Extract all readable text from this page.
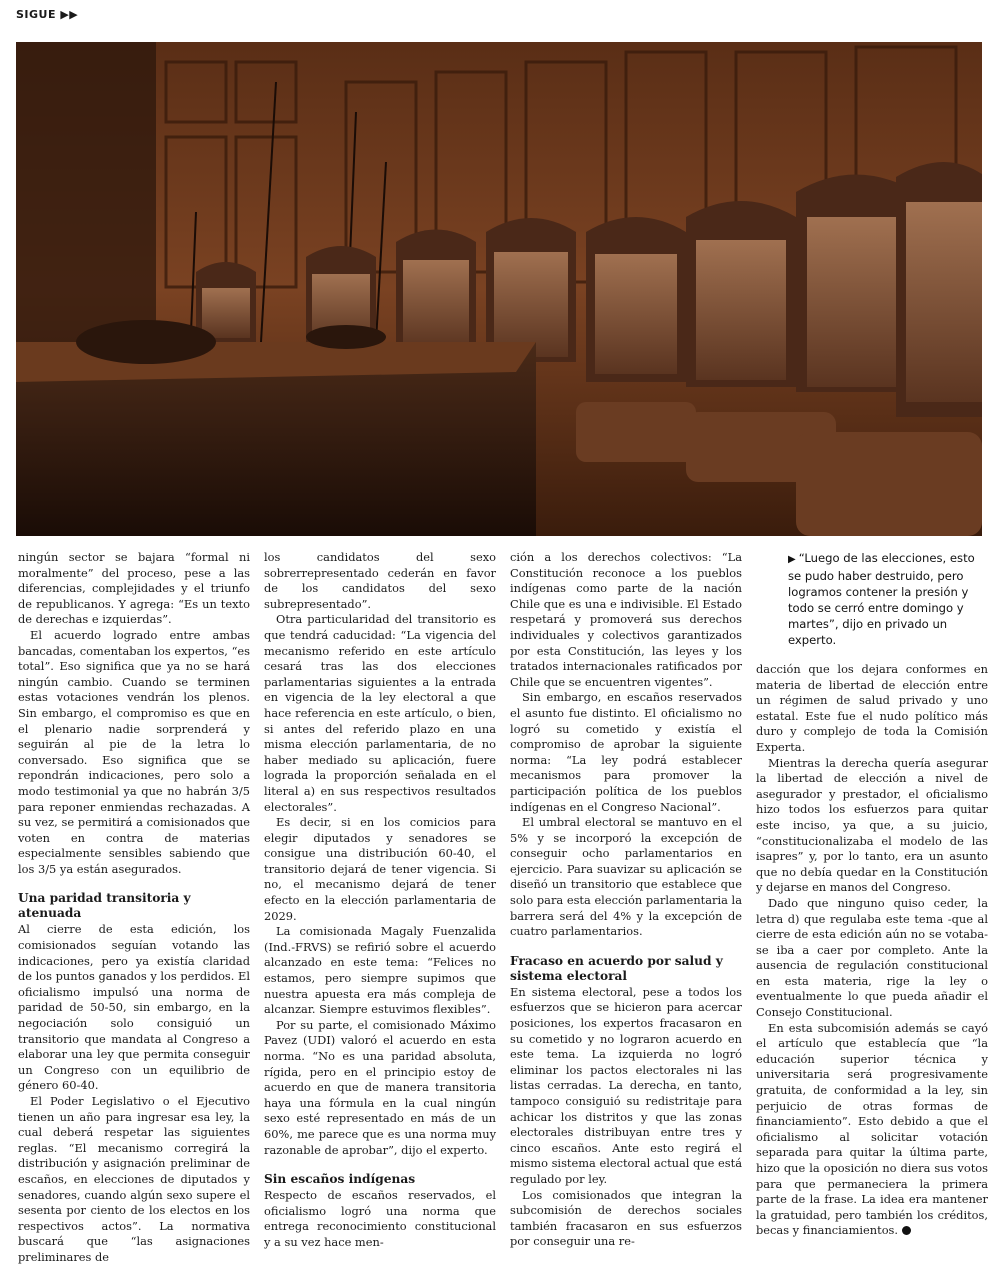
SIGUE ▶▶

ningún sector se bajara “formal ni moralmente” del proceso, pese a las diferencias, complejidades y el triunfo de republicanos. Y agrega: “Es un texto de derechas e izquierdas”.

El acuerdo logrado entre ambas bancadas, comentaban los expertos, “es total”. Eso significa que ya no se hará ningún cambio. Cuando se terminen estas votaciones vendrán los plenos. Sin embargo, el compromiso es que en el plenario nadie sorprenderá y seguirán al pie de la letra lo conversado. Eso significa que se repondrán indicaciones, pero solo a modo testimonial ya que no habrán 3/5 para reponer enmiendas rechazadas. A su vez, se permitirá a comisionados que voten en contra de materias especialmente sensibles sabiendo que los 3/5 ya están asegurados.

Una paridad transitoria y atenuada

Al cierre de esta edición, los comisionados seguían votando las indicaciones, pero ya existía claridad de los puntos ganados y los perdidos. El oficialismo impulsó una norma de paridad de 50-50, sin embargo, en la negociación solo consiguió un transitorio que mandata al Congreso a elaborar una ley que permita conseguir un Congreso con un equilibrio de género 60-40.

El Poder Legislativo o el Ejecutivo tienen un año para ingresar esa ley, la cual deberá respetar las siguientes reglas. “El mecanismo corregirá la distribución y asignación preliminar de escaños, en elecciones de diputados y senadores, cuando algún sexo supere el sesenta por ciento de los electos en los respectivos actos”. La normativa buscará que “las asignaciones preliminares de

los candidatos del sexo sobrerrepresentado cederán en favor de los candidatos del sexo subrepresentado”.

Otra particularidad del transitorio es que tendrá caducidad: “La vigencia del mecanismo referido en este artículo cesará tras las dos elecciones parlamentarias siguientes a la entrada en vigencia de la ley electoral a que hace referencia en este artículo, o bien, si antes del referido plazo en una misma elección parlamentaria, de no haber mediado su aplicación, fuere lograda la proporción señalada en el literal a) en sus respectivos resultados electorales”.

Es decir, si en los comicios para elegir diputados y senadores se consigue una distribución 60-40, el transitorio dejará de tener vigencia. Si no, el mecanismo dejará de tener efecto en la elección parlamentaria de 2029.

La comisionada Magaly Fuenzalida (Ind.-FRVS) se refirió sobre el acuerdo alcanzado en este tema: “Felices no estamos, pero siempre supimos que nuestra apuesta era más compleja de alcanzar. Siempre estuvimos flexibles”.

Por su parte, el comisionado Máximo Pavez (UDI) valoró el acuerdo en esta norma. “No es una paridad absoluta, rígida, pero en el principio estoy de acuerdo en que de manera transitoria haya una fórmula en la cual ningún sexo esté representado en más de un 60%, me parece que es una norma muy razonable de aprobar”, dijo el experto.

Sin escaños indígenas

Respecto de escaños reservados, el oficialismo logró una norma que entrega reconocimiento constitucional y a su vez hace men-

ción a los derechos colectivos: “La Constitución reconoce a los pueblos indígenas como parte de la nación Chile que es una e indivisible. El Estado respetará y promoverá sus derechos individuales y colectivos garantizados por esta Constitución, las leyes y los tratados internacionales ratificados por Chile que se encuentren vigentes”.

Sin embargo, en escaños reservados el asunto fue distinto. El oficialismo no logró su cometido y existía el compromiso de aprobar la siguiente norma: “La ley podrá establecer mecanismos para promover la participación política de los pueblos indígenas en el Congreso Nacional”.

El umbral electoral se mantuvo en el 5% y se incorporó la excepción de conseguir ocho parlamentarios en ejercicio. Para suavizar su aplicación se diseñó un transitorio que establece que solo para esta elección parlamentaria la barrera será del 4% y la excepción de cuatro parlamentarios.

Fracaso en acuerdo por salud y sistema electoral

En sistema electoral, pese a todos los esfuerzos que se hicieron para acercar posiciones, los expertos fracasaron en su cometido y no lograron acuerdo en este tema. La izquierda no logró eliminar los pactos electorales ni las listas cerradas. La derecha, en tanto, tampoco consiguió su redistritaje para achicar los distritos y que las zonas electorales distribuyan entre tres y cinco escaños. Ante esto regirá el mismo sistema electoral actual que está regulado por ley.

Los comisionados que integran la subcomisión de derechos sociales también fracasaron en sus esfuerzos por conseguir una re-

▶ “Luego de las elecciones, esto se pudo haber destruido, pero logramos contener la presión y todo se cerró entre domingo y martes”, dijo en privado un experto.

dacción que los dejara conformes en materia de libertad de elección entre un régimen de salud privado y uno estatal. Este fue el nudo político más duro y complejo de toda la Comisión Experta.

Mientras la derecha quería asegurar la libertad de elección a nivel de asegurador y prestador, el oficialismo hizo todos los esfuerzos para quitar este inciso, ya que, a su juicio, “constitucionalizaba el modelo de las isapres” y, por lo tanto, era un asunto que no debía quedar en la Constitución y dejarse en manos del Congreso.

Dado que ninguno quiso ceder, la letra d) que regulaba este tema -que al cierre de esta edición aún no se votaba- se iba a caer por completo. Ante la ausencia de regulación constitucional en esta materia, rige la ley o eventualmente lo que pueda añadir el Consejo Constitucional.

En esta subcomisión además se cayó el artículo que establecía que “la educación superior técnica y universitaria será progresivamente gratuita, de conformidad a la ley, sin perjuicio de otras formas de financiamiento”. Esto debido a que el oficialismo al solicitar votación separada para quitar la última parte, hizo que la oposición no diera sus votos para que permaneciera la primera parte de la frase. La idea era mantener la gratuidad, pero también los créditos, becas y financiamientos.
